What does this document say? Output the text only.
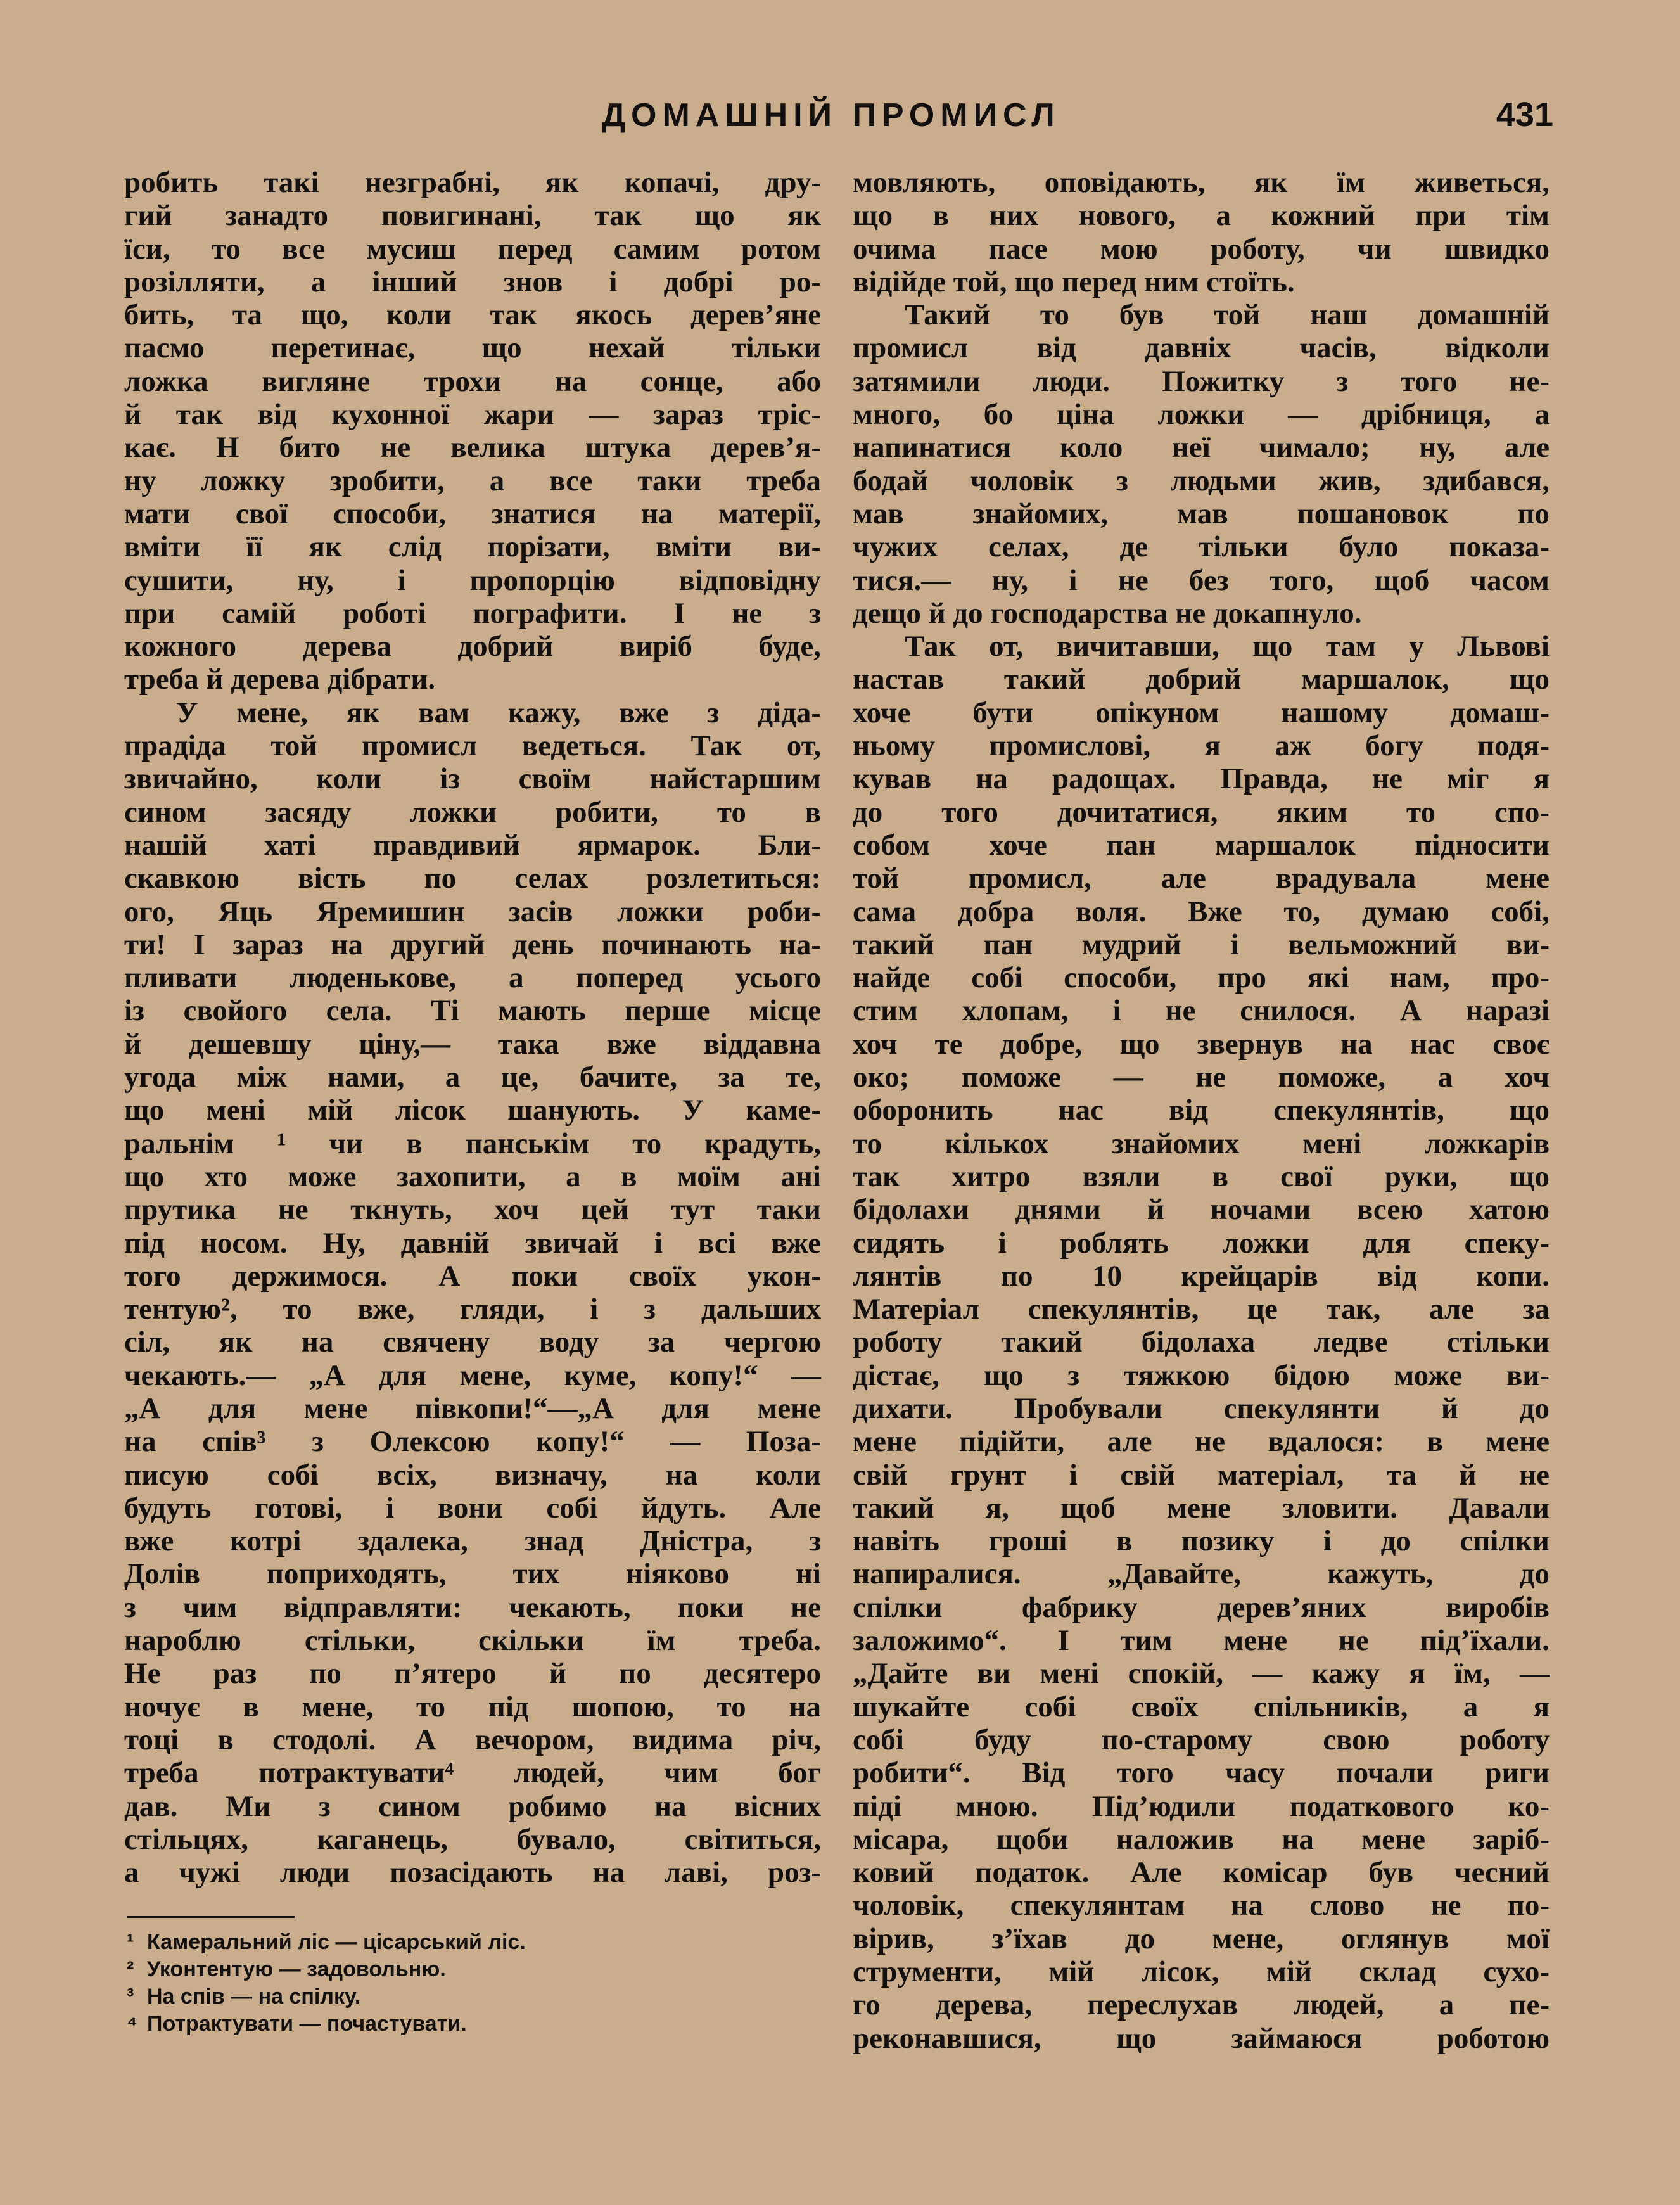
ДОМАШНІЙ ПРОМИСЛ	431
робить такі незграбні, як копачі, дру-
гий занадто повигинані, так що як
їси, то все мусиш перед самим ротом
розілляти, а інший знов і добрі ро-
бить, та що, коли так якось дерев’яне
пасмо перетинає, що нехай тільки
ложка вигляне трохи на сонце, або
й так від кухонної жари — зараз тріс-
кає. Н бито не велика штука дерев’я-
ну ложку зробити, а все таки треба
мати свої способи, знатися на матерії,
вміти її як слід порізати, вміти ви-
сушити, ну, і пропорцію відповідну
при самій роботі пографити. І не з
кожного дерева добрий виріб буде,
треба й дерева дібрати.
У мене, як вам кажу, вже з діда-
прадіда той промисл ведеться. Так от,
звичайно, коли із своїм найстаршим
сином засяду ложки робити, то в
нашій хаті правдивий ярмарок. Бли-
скавкою вість по селах розлетиться:
ого, Яць Яремишин засів ложки роби-
ти! І зараз на другий день починають на-
пливати люденькове, а поперед усього
із свойого села. Ті мають перше місце
й дешевшу ціну,— така вже віддавна
угода між нами, а це, бачите, за те,
що мені мій лісок шанують. У каме-
ральнім ¹ чи в панськім то крадуть,
що хто може захопити, а в моїм ані
прутика не ткнуть, хоч цей тут таки
під носом. Ну, давній звичай і всі вже
того держимося. А поки своїх укон-
тентую², то вже, гляди, і з дальших
сіл, як на свячену воду за чергою
чекають.— „А для мене, куме, копу!“ —
„А для мене півкопи!“—„А для мене
на спів³ з Олексою копу!“ — Поза-
писую собі всіх, визначу, на коли
будуть готові, і вони собі йдуть. Але
вже котрі здалека, знад Дністра, з
Долів поприходять, тих ніяково ні
з чим відправляти: чекають, поки не
нароблю стільки, скільки їм треба.
Не раз по п’ятеро й по десятеро
ночує в мене, то під шопою, то на
тоці в стодолі. А вечором, видима річ,
треба потрактувати⁴ людей, чим бог
дав. Ми з сином робимо на вісних
стільцях, каганець, бувало, світиться,
а чужі люди позасідають на лаві, роз-
мовляють, оповідають, як їм живеться,
що в них нового, а кожний при тім
очима пасе мою роботу, чи швидко
відійде той, що перед ним стоїть.
Такий то був той наш домашній
промисл від давніх часів, відколи
затямили люди. Пожитку з того не-
много, бо ціна ложки — дрібниця, а
напинатися коло неї чимало; ну, але
бодай чоловік з людьми жив, здибався,
мав знайомих, мав пошановок по
чужих селах, де тільки було показа-
тися.— ну, і не без того, щоб часом
дещо й до господарства не докапнуло.
Так от, вичитавши, що там у Львові
настав такий добрий маршалок, що
хоче бути опікуном нашому домаш-
ньому промисловi, я аж богу подя-
кував на радощах. Правда, не міг я
до того дочитатися, яким то спо-
собом хоче пан маршалок підносити
той промисл, але врадувала мене
сама добра воля. Вже то, думаю собі,
такий пан мудрий і вельможний ви-
найде собі способи, про які нам, про-
стим хлопам, і не снилося. А наразі
хоч те добре, що звернув на нас своє
око; поможе — не поможе, а хоч
оборонить нас від спекулянтів, що
то кількох знайомих мені ложкарів
так хитро взяли в свої руки, що
бідолахи днями й ночами всею хатою
сидять і роблять ложки для спеку-
лянтів по 10 крейцарів від копи.
Матеріал спекулянтів, це так, але за
роботу такий бідолаха ледве стільки
дістає, що з тяжкою бідою може ви-
дихати. Пробували спекулянти й до
мене підійти, але не вдалося: в мене
свій грунт і свій матеріал, та й не
такий я, щоб мене зловити. Давали
навіть гроші в позику і до спілки
напиралися. „Давайте, кажуть, до
спілки фабрику дерев’яних виробів
заложимо“. І тим мене не під’їхали.
„Дайте ви мені спокій, — кажу я їм, —
шукайте собі своїх спільників, а я
собі буду по-старому свою роботу
робити“. Від того часу почали риги
піді мною. Під’юдили податкового ко-
місара, щоби наложив на мене заріб-
ковий податок. Але комісар був чесний
чоловік, спекулянтам на слово не по-
вірив, з’їхав до мене, оглянув мої
струменти, мій лісок, мій склад сухо-
го дерева, переслухав людей, а пе-
реконавшися, що займаюся роботою
¹ Камеральний ліс — цісарський ліс.
² Уконтентую — задовольню.
³ На спів — на спілку.
⁴ Потрактувати — почастувати.
